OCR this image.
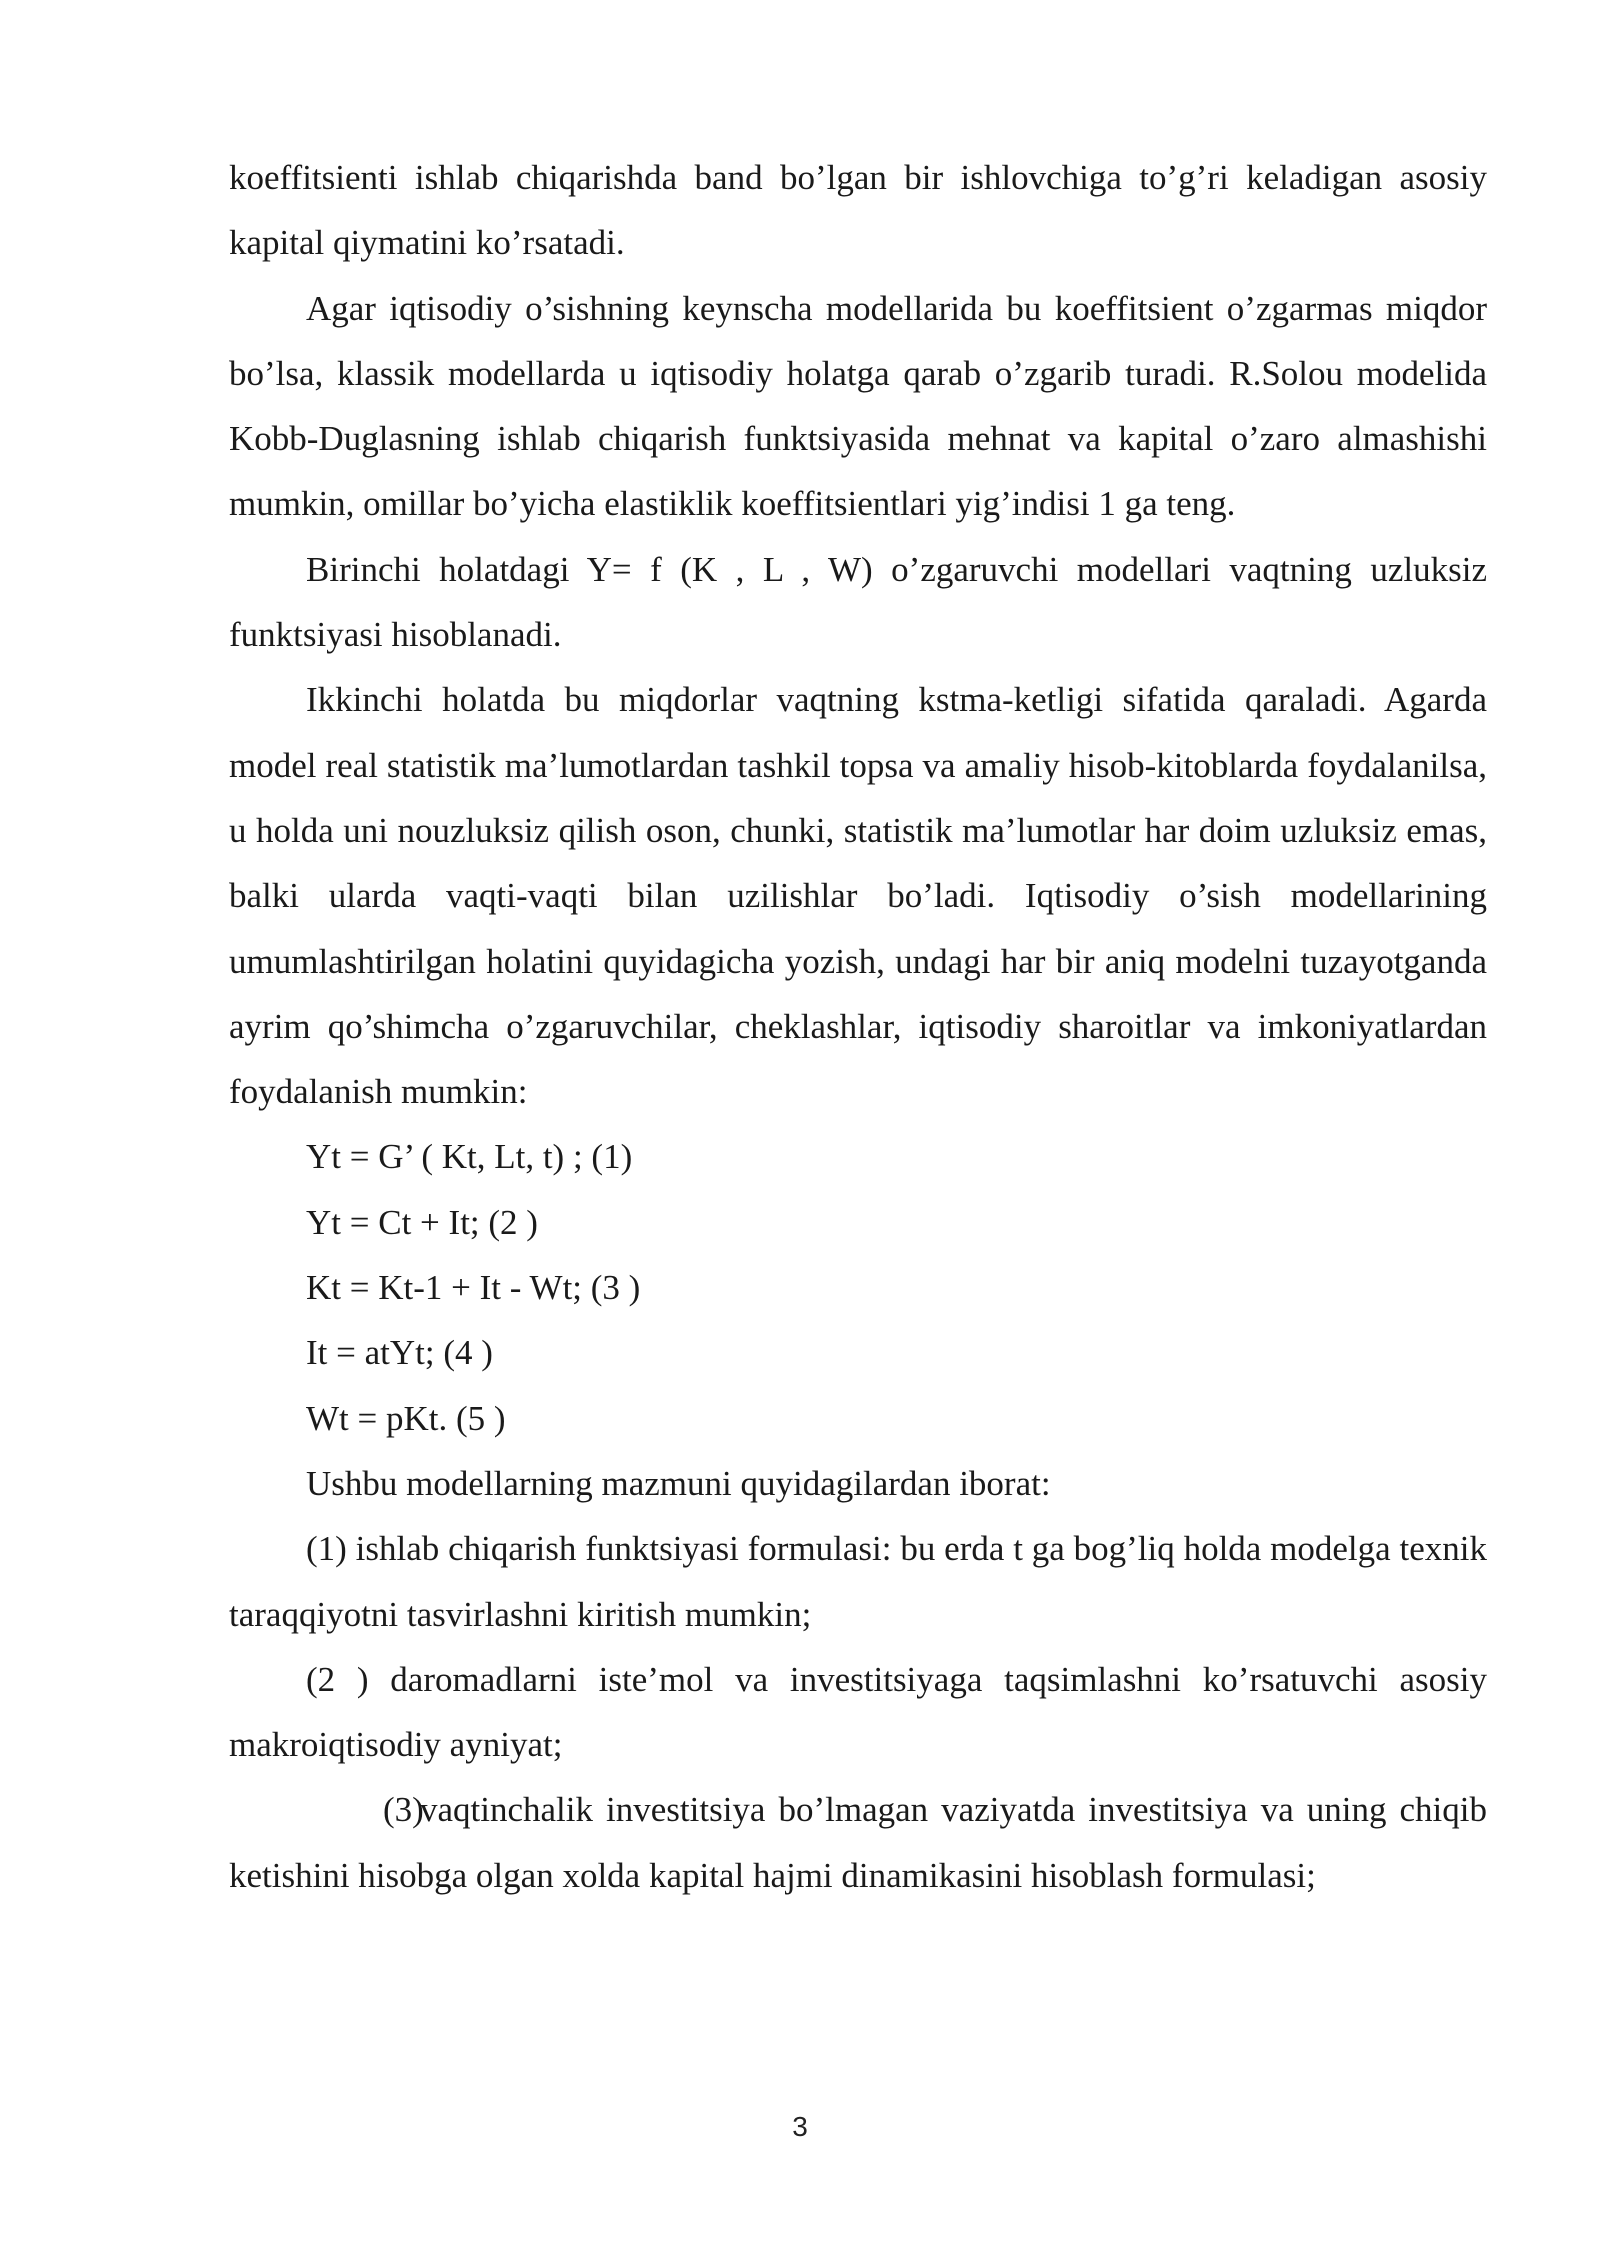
koeffitsienti ishlab chiqarishda band bo’lgan bir ishlovchiga to’g’ri keladigan asosiy kapital qiymatini ko’rsatadi.

Agar iqtisodiy o’sishning keynscha modellarida bu koeffitsient o’zgarmas miqdor bo’lsa, klassik modellarda u iqtisodiy holatga qarab o’zgarib turadi. R.Solou modelida Kobb-Duglasning ishlab chiqarish funktsiyasida mehnat va kapital o’zaro almashishi mumkin, omillar bo’yicha elastiklik koeffitsientlari yig’indisi 1 ga teng.

Birinchi holatdagi Y= f (K , L , W) o’zgaruvchi modellari vaqtning uzluksiz funktsiyasi hisoblanadi.

Ikkinchi holatda bu miqdorlar vaqtning kstma-ketligi sifatida qaraladi. Agarda model real statistik ma’lumotlardan tashkil topsa va amaliy hisob-kitoblarda foydalanilsa, u holda uni nouzluksiz qilish oson, chunki, statistik ma’lumotlar har doim uzluksiz emas, balki ularda vaqti-vaqti bilan uzilishlar bo’ladi. Iqtisodiy o’sish modellarining umumlashtirilgan holatini quyidagicha yozish, undagi har bir aniq modelni tuzayotganda ayrim qo’shimcha o’zgaruvchilar, cheklashlar, iqtisodiy sharoitlar va imkoniyatlardan foydalanish mumkin:

Yt = G’ ( Kt, Lt, t) ; (1)

Yt = Ct + It; (2 )

Kt = Kt-1 + It - Wt; (3 )

It = atYt; (4 )

Wt = pKt. (5 )

Ushbu modellarning mazmuni quyidagilardan iborat:

(1) ishlab chiqarish funktsiyasi formulasi: bu erda t ga bog’liq holda modelga texnik taraqqiyotni tasvirlashni kiritish mumkin;

(2 ) daromadlarni iste’mol va investitsiyaga taqsimlashni ko’rsatuvchi asosiy makroiqtisodiy ayniyat;

(3)vaqtinchalik investitsiya bo’lmagan vaziyatda investitsiya va uning chiqib ketishini hisobga olgan xolda kapital hajmi dinamikasini hisoblash formulasi;

3
